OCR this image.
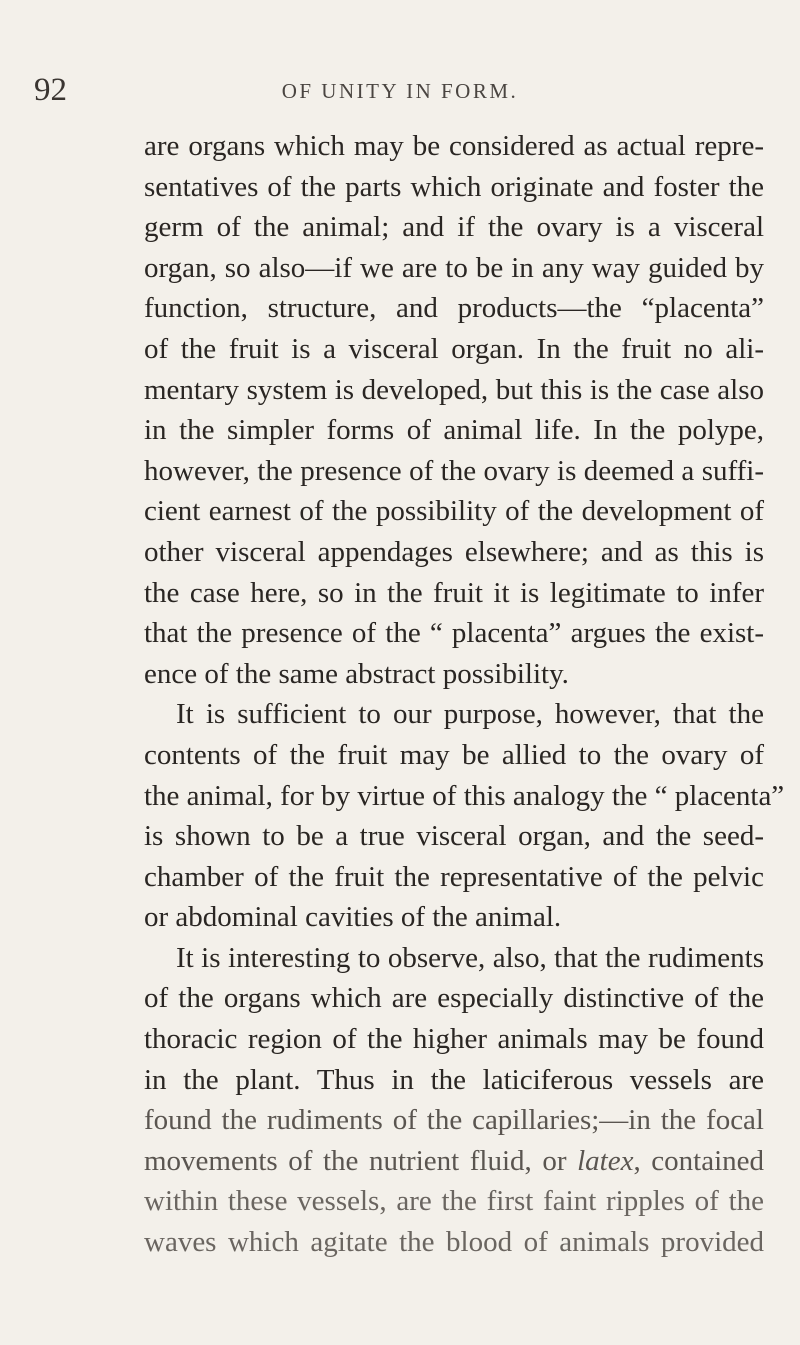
92	OF UNITY IN FORM.
are organs which may be considered as actual repre-
sentatives of the parts which originate and foster the
germ of the animal; and if the ovary is a visceral
organ, so also—if we are to be in any way guided by
function, structure, and products—the “placenta”
of the fruit is a visceral organ. In the fruit no ali-
mentary system is developed, but this is the case also
in the simpler forms of animal life. In the polype,
however, the presence of the ovary is deemed a suffi-
cient earnest of the possibility of the development of
other visceral appendages elsewhere; and as this is
the case here, so in the fruit it is legitimate to infer
that the presence of the “ placenta” argues the exist-
ence of the same abstract possibility.
It is sufficient to our purpose, however, that the
contents of the fruit may be allied to the ovary of
the animal, for by virtue of this analogy the “ placenta”
is shown to be a true visceral organ, and the seed-
chamber of the fruit the representative of the pelvic
or abdominal cavities of the animal.
It is interesting to observe, also, that the rudiments
of the organs which are especially distinctive of the
thoracic region of the higher animals may be found
in the plant. Thus in the laticiferous vessels are
found the rudiments of the capillaries;—in the focal
movements of the nutrient fluid, or latex, contained
within these vessels, are the first faint ripples of the
waves which agitate the blood of animals provided
